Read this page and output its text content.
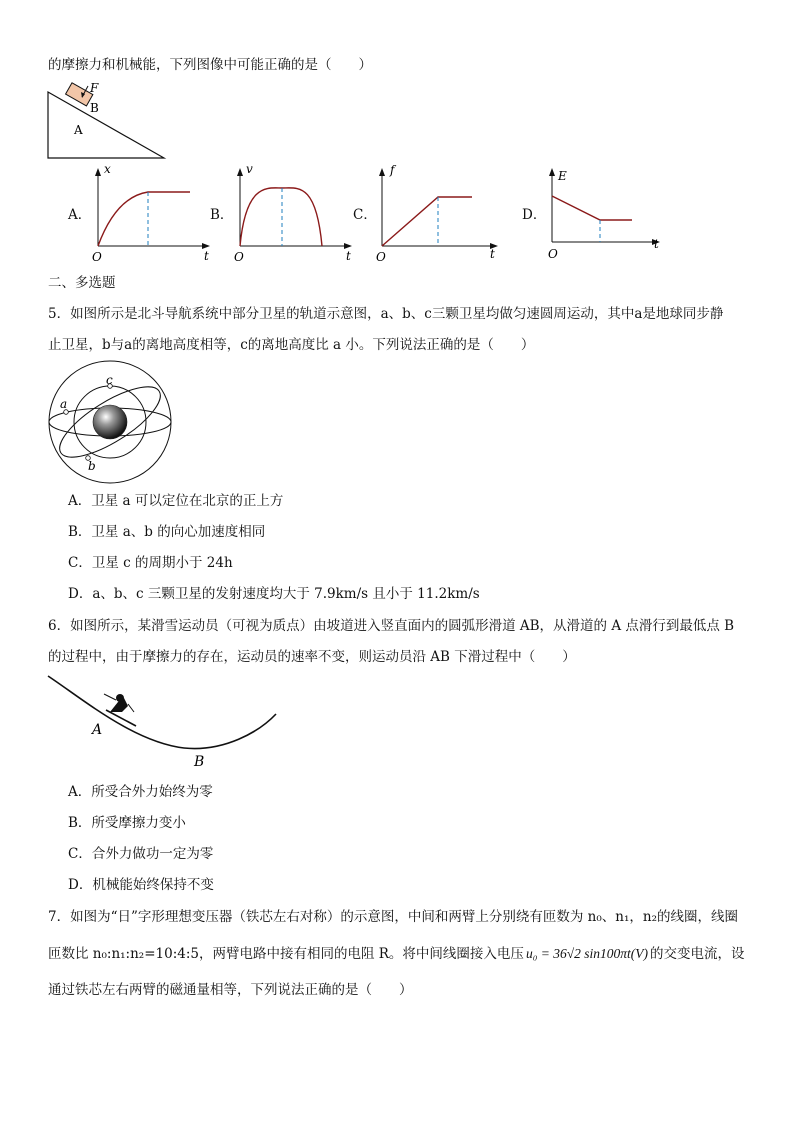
的摩擦力和机械能，下列图像中可能正确的是（　　）
F
B
A
A．
x
t
O
B．
v
t
O
C．
f
t
O
D．
E
t
O
二、多选题
5．如图所示是北斗导航系统中部分卫星的轨道示意图，a、b、c三颗卫星均做匀速圆周运动，其中a是地球同步静
止卫星，b与a的离地高度相等，c的离地高度比 a 小。下列说法正确的是（　　）
a
c
b
A．卫星 a 可以定位在北京的正上方
B．卫星 a、b 的向心加速度相同
C．卫星 c 的周期小于 24h
D．a、b、c 三颗卫星的发射速度均大于 7.9km/s 且小于 11.2km/s
6．如图所示，某滑雪运动员（可视为质点）由坡道进入竖直面内的圆弧形滑道 AB，从滑道的 A 点滑行到最低点 B
的过程中，由于摩擦力的存在，运动员的速率不变，则运动员沿 AB 下滑过程中（　　）
A
B
A．所受合外力始终为零
B．所受摩擦力变小
C．合外力做功一定为零
D．机械能始终保持不变
7．如图为“日”字形理想变压器（铁芯左右对称）的示意图，中间和两臂上分别绕有匝数为 n₀、n₁，n₂的线圈，线圈
匝数比 n₀:n₁:n₂=10:4:5，两臂电路中接有相同的电阻 R。将中间线圈接入电压 u₀ = 36√2 sin100πt(V) 的交变电流，设
通过铁芯左右两臂的磁通量相等，下列说法正确的是（　　）
